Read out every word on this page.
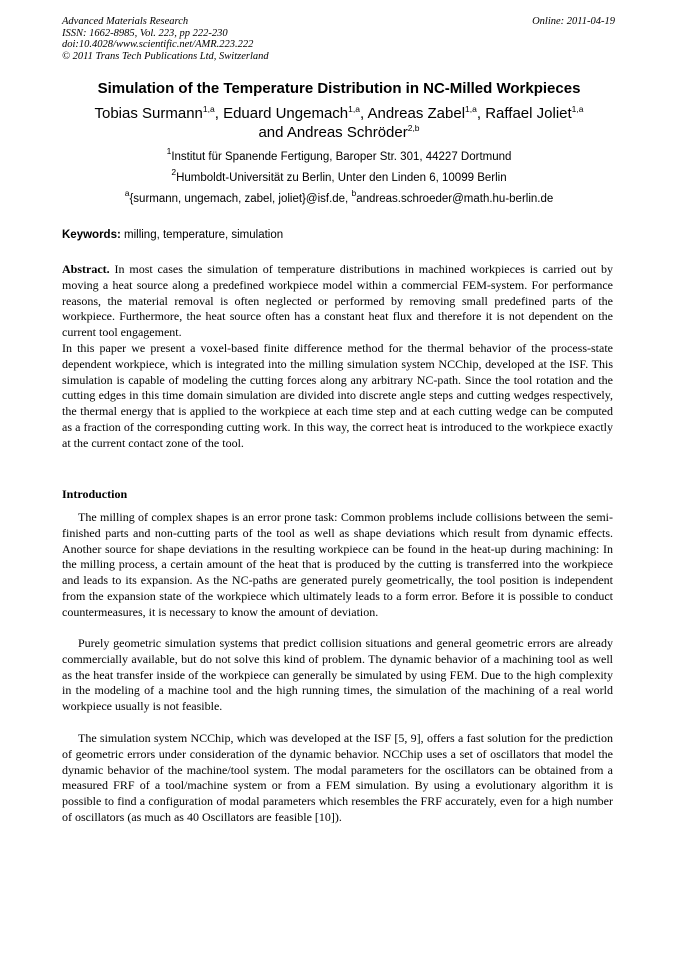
Advanced Materials Research
ISSN: 1662-8985, Vol. 223, pp 222-230
doi:10.4028/www.scientific.net/AMR.223.222
© 2011 Trans Tech Publications Ltd, Switzerland
Online: 2011-04-19
Simulation of the Temperature Distribution in NC-Milled Workpieces
Tobias Surmann$^{1,a}$, Eduard Ungemach$^{1,a}$, Andreas Zabel$^{1,a}$, Raffael Joliet$^{1,a}$
and Andreas Schröder$^{2,b}$
$^1$Institut für Spanende Fertigung, Baroper Str. 301, 44227 Dortmund
$^2$Humboldt-Universität zu Berlin, Unter den Linden 6, 10099 Berlin
$^a${surmann, ungemach, zabel, joliet}@isf.de, $^b$andreas.schroeder@math.hu-berlin.de
Keywords: milling, temperature, simulation

Abstract. In most cases the simulation of temperature distributions in machined workpieces is carried out by moving a heat source along a predefined workpiece model within a commercial FEM-system. For performance reasons, the material removal is often neglected or performed by removing small predefined parts of the workpiece. Furthermore, the heat source often has a constant heat flux and therefore it is not dependent on the current tool engagement.

In this paper we present a voxel-based finite difference method for the thermal behavior of the process-state dependent workpiece, which is integrated into the milling simulation system NCChip, developed at the ISF. This simulation is capable of modeling the cutting forces along any arbitrary NC-path. Since the tool rotation and the cutting edges in this time domain simulation are divided into discrete angle steps and cutting wedges respectively, the thermal energy that is applied to the workpiece at each time step and at each cutting wedge can be computed as a fraction of the corresponding cutting work. In this way, the correct heat is introduced to the workpiece exactly at the current contact zone of the tool.

Introduction

The milling of complex shapes is an error prone task: Common problems include collisions between the semi-finished parts and non-cutting parts of the tool as well as shape deviations which result from dynamic effects. Another source for shape deviations in the resulting workpiece can be found in the heat-up during machining: In the milling process, a certain amount of the heat that is produced by the cutting is transferred into the workpiece and leads to its expansion. As the NC-paths are generated purely geometrically, the tool position is independent from the expansion state of the workpiece which ultimately leads to a form error. Before it is possible to conduct countermeasures, it is necessary to know the amount of deviation.

Purely geometric simulation systems that predict collision situations and general geometric errors are already commercially available, but do not solve this kind of problem. The dynamic behavior of a machining tool as well as the heat transfer inside of the workpiece can generally be simulated by using FEM. Due to the high complexity in the modeling of a machine tool and the high running times, the simulation of the machining of a real world workpiece usually is not feasible.

The simulation system NCChip, which was developed at the ISF [5, 9], offers a fast solution for the prediction of geometric errors under consideration of the dynamic behavior. NCChip uses a set of oscillators that model the dynamic behavior of the machine/tool system. The modal parameters for the oscillators can be obtained from a measured FRF of a tool/machine system or from a FEM simulation. By using a evolutionary algorithm it is possible to find a configuration of modal parameters which resembles the FRF accurately, even for a high number of oscillators (as much as 40 Oscillators are feasible [10]).
